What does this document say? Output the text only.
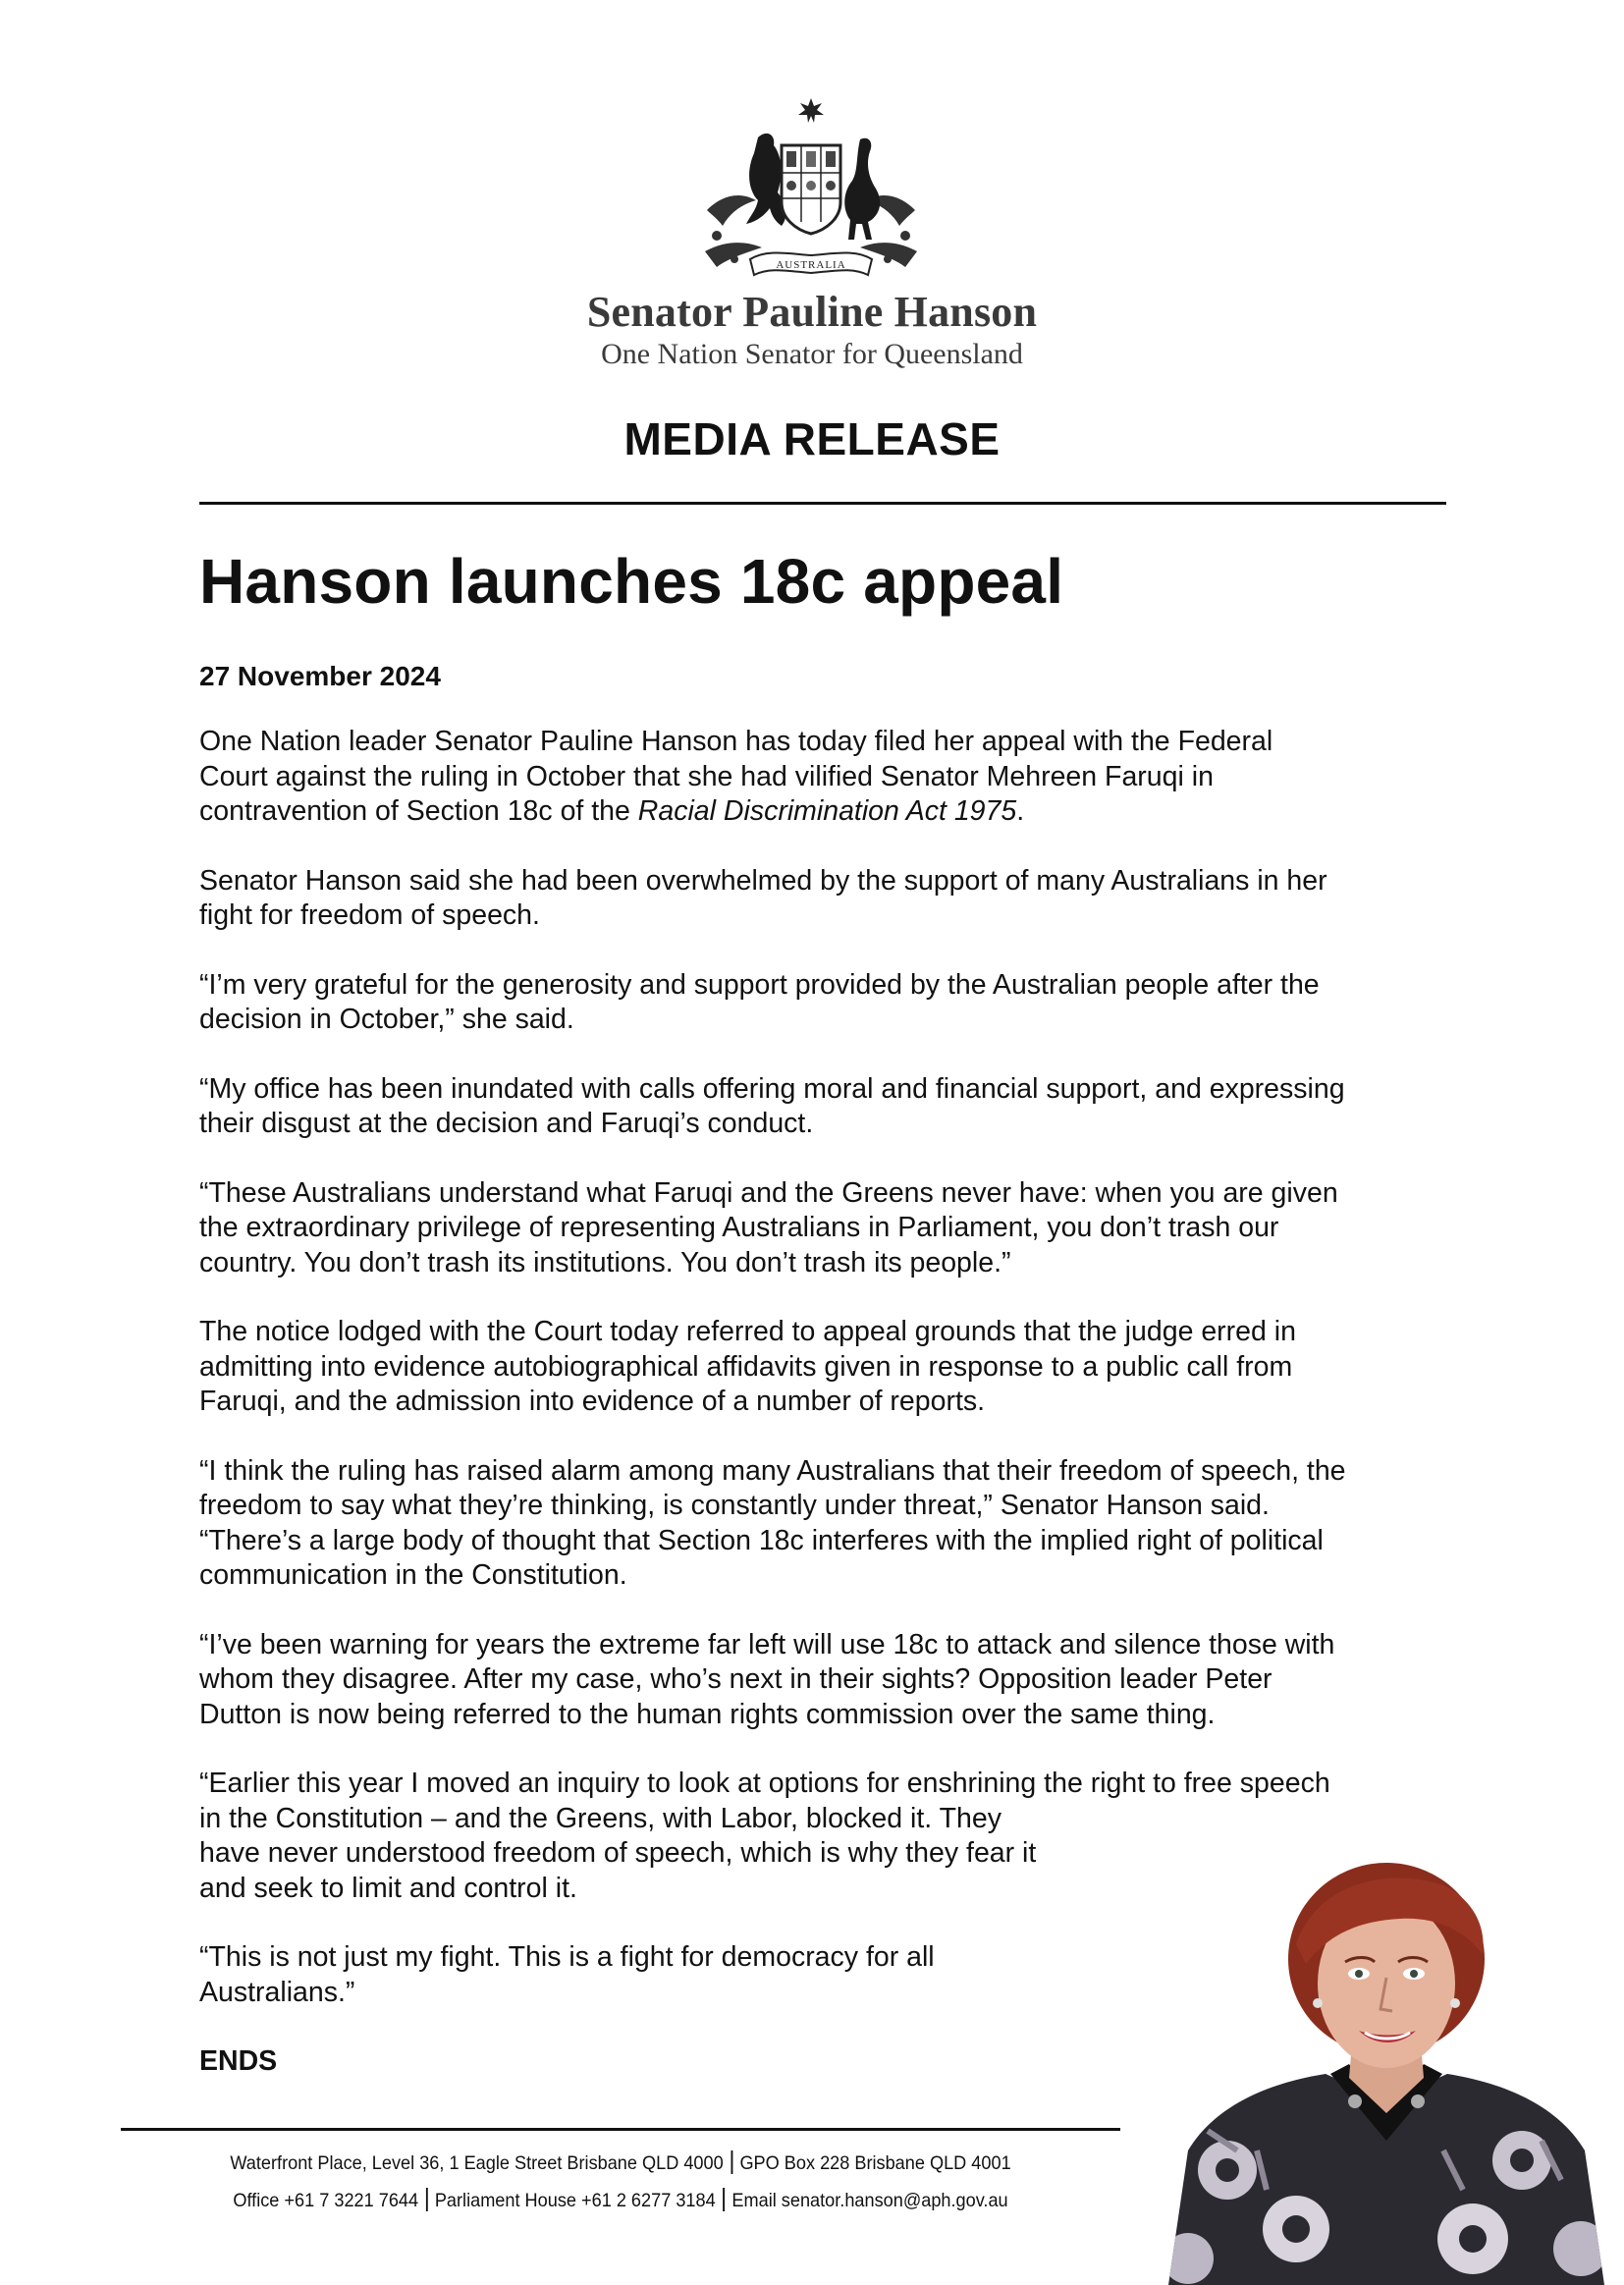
AUSTRALIA
Senator Pauline Hanson
One Nation Senator for Queensland
MEDIA RELEASE
Hanson launches 18c appeal
27 November 2024

One Nation leader Senator Pauline Hanson has today filed her appeal with the Federal
Court against the ruling in October that she had vilified Senator Mehreen Faruqi in
contravention of Section 18c of the Racial Discrimination Act 1975.

Senator Hanson said she had been overwhelmed by the support of many Australians in her
fight for freedom of speech.

“I’m very grateful for the generosity and support provided by the Australian people after the
decision in October,” she said.

“My office has been inundated with calls offering moral and financial support, and expressing
their disgust at the decision and Faruqi’s conduct.

“These Australians understand what Faruqi and the Greens never have: when you are given
the extraordinary privilege of representing Australians in Parliament, you don’t trash our
country. You don’t trash its institutions. You don’t trash its people.”

The notice lodged with the Court today referred to appeal grounds that the judge erred in
admitting into evidence autobiographical affidavits given in response to a public call from
Faruqi, and the admission into evidence of a number of reports.

“I think the ruling has raised alarm among many Australians that their freedom of speech, the
freedom to say what they’re thinking, is constantly under threat,” Senator Hanson said.
“There’s a large body of thought that Section 18c interferes with the implied right of political
communication in the Constitution.

“I’ve been warning for years the extreme far left will use 18c to attack and silence those with
whom they disagree. After my case, who’s next in their sights? Opposition leader Peter
Dutton is now being referred to the human rights commission over the same thing.

“Earlier this year I moved an inquiry to look at options for enshrining the right to free speech
in the Constitution – and the Greens, with Labor, blocked it. They
have never understood freedom of speech, which is why they fear it
and seek to limit and control it.

“This is not just my fight. This is a fight for democracy for all
Australians.”

ENDS
Waterfront Place, Level 36, 1 Eagle Street Brisbane QLD 4000 GPO Box 228 Brisbane QLD 4001
Office +61 7 3221 7644 Parliament House +61 2 6277 3184 Email senator.hanson@aph.gov.au
